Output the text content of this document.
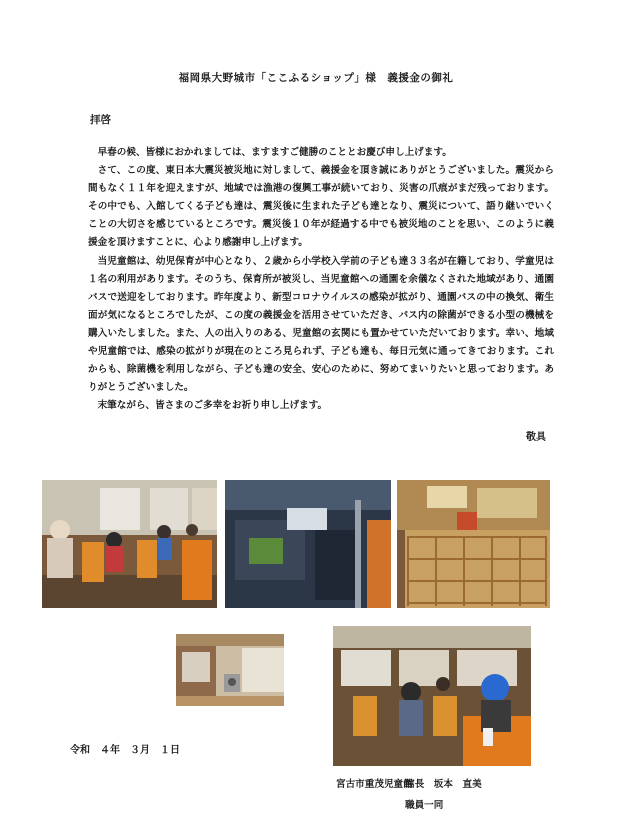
福岡県大野城市「ここふるショップ」様　義援金の御礼
拝啓

早春の候、皆様におかれましては、ますますご健勝のこととお慶び申し上げます。

さて、この度、東日本大震災被災地に対しまして、義援金を頂き誠にありがとうございました。震災から間もなく１１年を迎えますが、地域では漁港の復興工事が続いており、災害の爪痕がまだ残っております。その中でも、入館してくる子ども達は、震災後に生まれた子ども達となり、震災について、語り継いでいくことの大切さを感じているところです。震災後１０年が経過する中でも被災地のことを思い、このように義援金を頂けますことに、心より感謝申し上げます。

当児童館は、幼児保育が中心となり、２歳から小学校入学前の子ども達３３名が在籍しており、学童児は１名の利用があります。そのうち、保育所が被災し、当児童館への通園を余儀なくされた地域があり、通園バスで送迎をしております。昨年度より、新型コロナウイルスの感染が拡がり、通園バスの中の換気、衛生面が気になるところでしたが、この度の義援金を活用させていただき、バス内の除菌ができる小型の機械を購入いたしました。また、人の出入りのある、児童館の玄関にも置かせていただいております。幸い、地域や児童館では、感染の拡がりが現在のところ見られず、子ども達も、毎日元気に通ってきております。これからも、除菌機を利用しながら、子ども達の安全、安心のために、努めてまいりたいと思っております。ありがとうございました。

末筆ながら、皆さまのご多幸をお祈り申し上げます。

敬具
令和　４年　３月　１日
宮古市重茂児童館
館長　坂本　直美
職員一同
